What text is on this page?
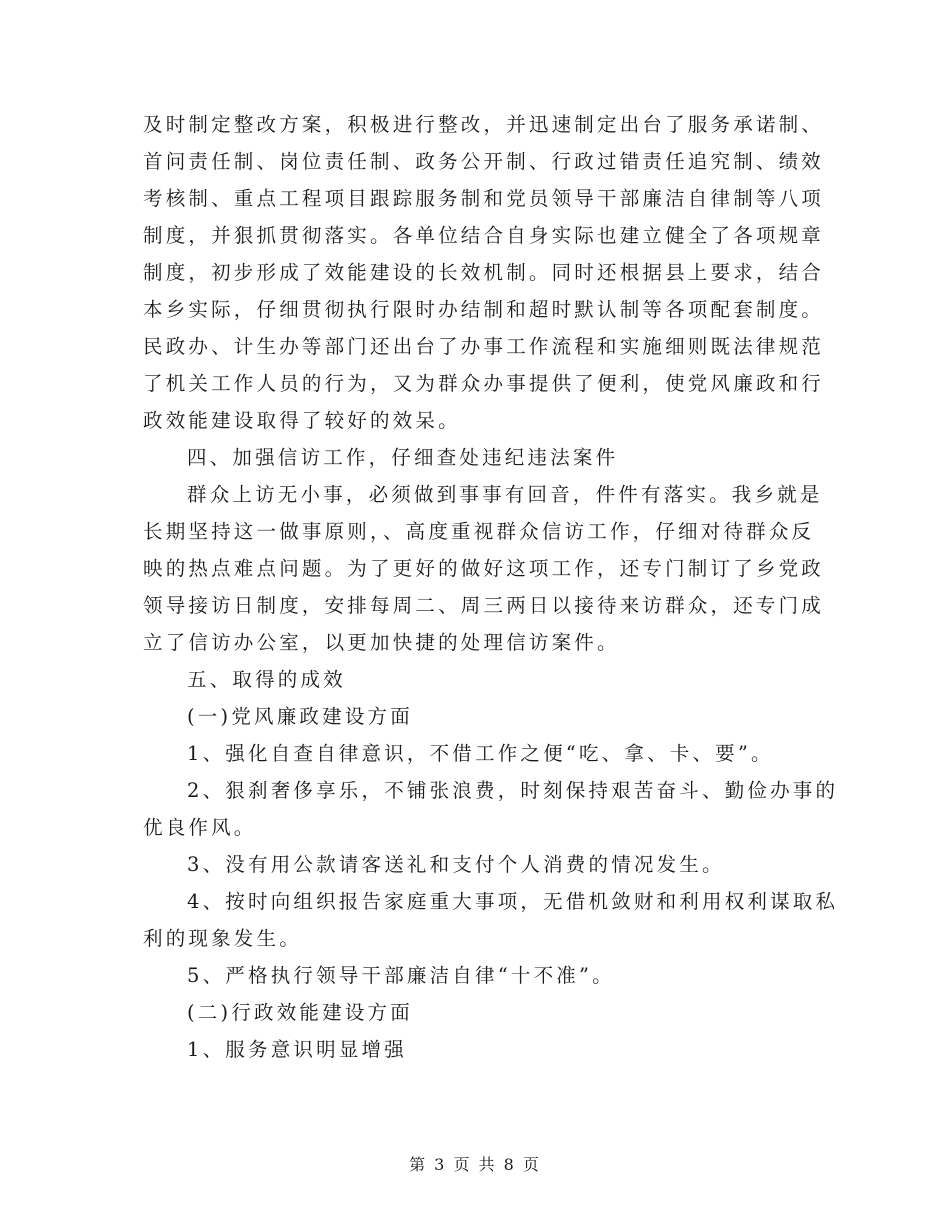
及时制定整改方案，积极进行整改，并迅速制定出台了服务承诺制、
首问责任制、岗位责任制、政务公开制、行政过错责任追究制、绩效
考核制、重点工程项目跟踪服务制和党员领导干部廉洁自律制等八项
制度，并狠抓贯彻落实。各单位结合自身实际也建立健全了各项规章
制度，初步形成了效能建设的长效机制。同时还根据县上要求，结合
本乡实际，仔细贯彻执行限时办结制和超时默认制等各项配套制度。
民政办、计生办等部门还出台了办事工作流程和实施细则既法律规范
了机关工作人员的行为，又为群众办事提供了便利，使党风廉政和行
政效能建设取得了较好的效呆。
四、加强信访工作，仔细查处违纪违法案件
群众上访无小事，必须做到事事有回音，件件有落实。我乡就是
长期坚持这一做事原则，、高度重视群众信访工作，仔细对待群众反
映的热点难点问题。为了更好的做好这项工作，还专门制订了乡党政
领导接访日制度，安排每周二、周三两日以接待来访群众，还专门成
立了信访办公室，以更加快捷的处理信访案件。
五、取得的成效
(一)党风廉政建设方面
1、强化自查自律意识，不借工作之便“吃、拿、卡、要”。
2、狠刹奢侈享乐，不铺张浪费，时刻保持艰苦奋斗、勤俭办事的
优良作风。
3、没有用公款请客送礼和支付个人消费的情况发生。
4、按时向组织报告家庭重大事项，无借机敛财和利用权利谋取私
利的现象发生。
5、严格执行领导干部廉洁自律“十不准”。
(二)行政效能建设方面
1、服务意识明显增强
第 3 页 共 8 页
